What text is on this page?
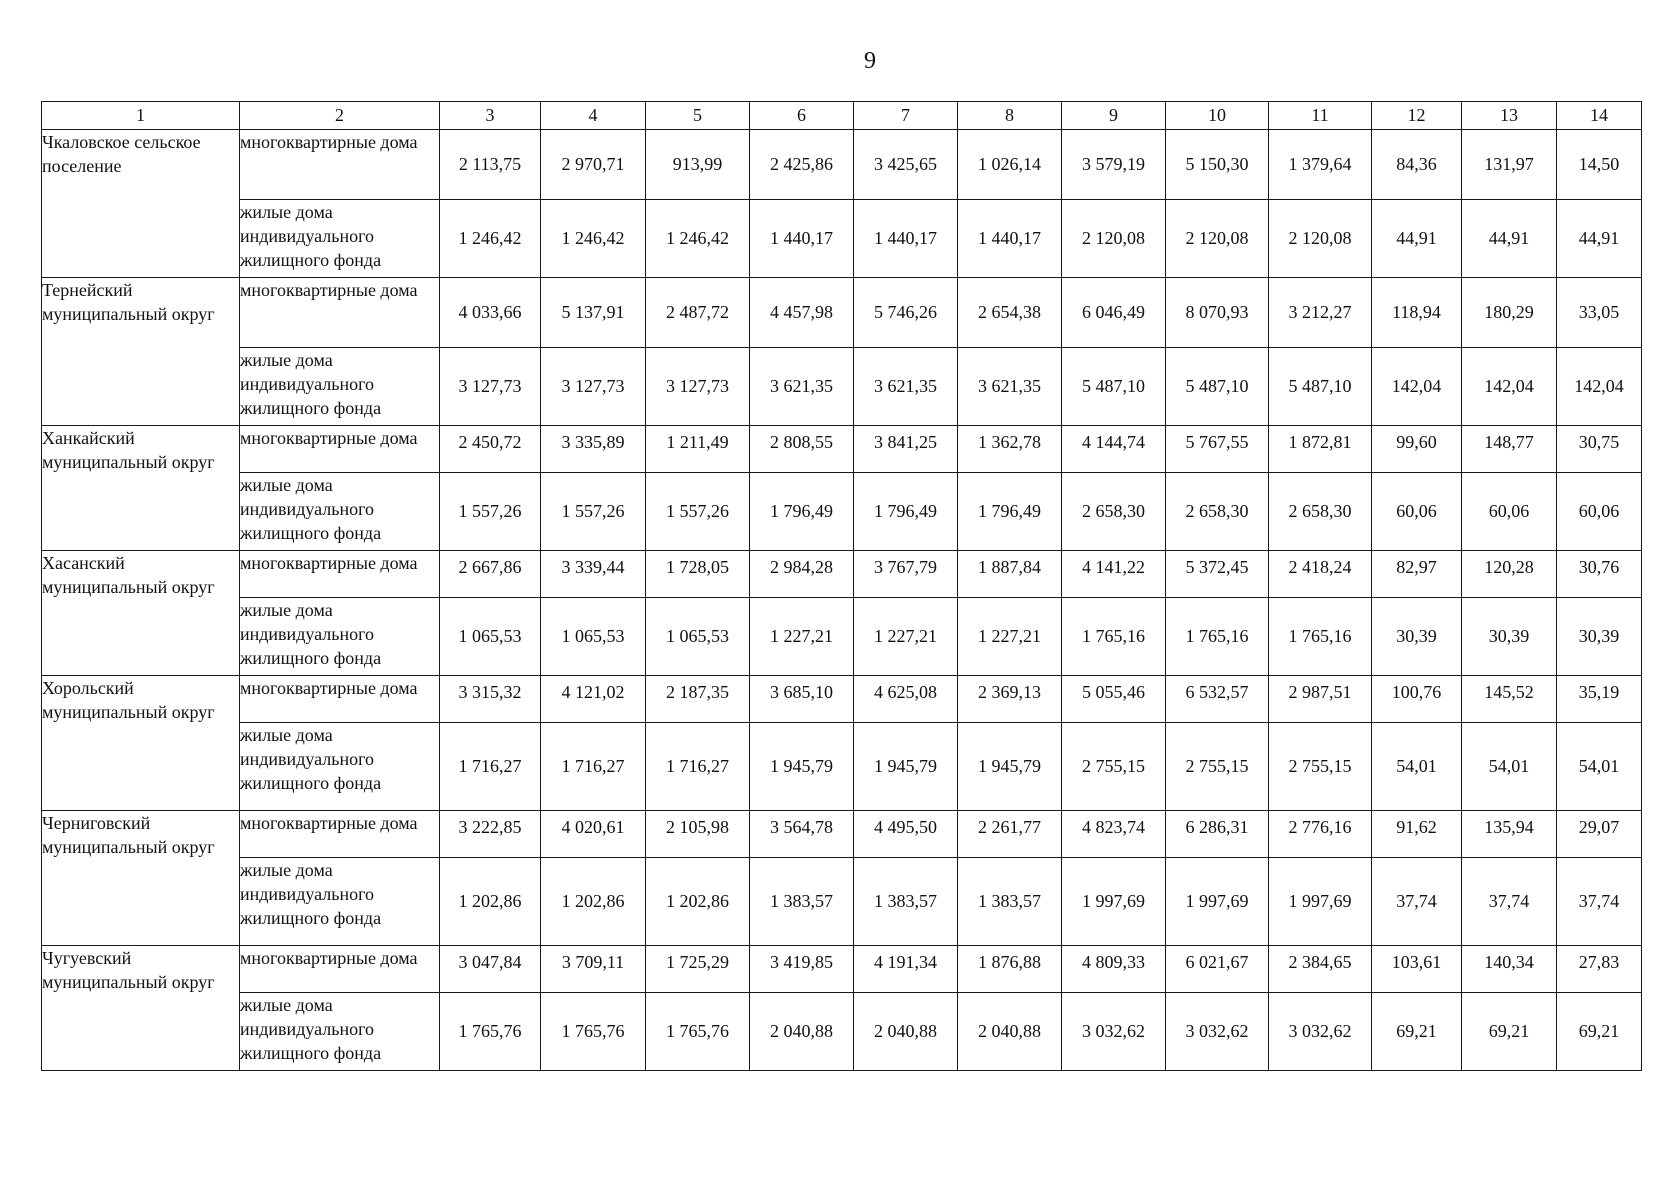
9
1	2	3	4	5	6	7	8	9	10	11	12	13	14
Чкаловское сельское поселение	многоквартирные дома	2 113,75	2 970,71	913,99	2 425,86	3 425,65	1 026,14	3 579,19	5 150,30	1 379,64	84,36	131,97	14,50
	жилые дома индивидуального жилищного фонда	1 246,42	1 246,42	1 246,42	1 440,17	1 440,17	1 440,17	2 120,08	2 120,08	2 120,08	44,91	44,91	44,91
Тернейский муниципальный округ	многоквартирные дома	4 033,66	5 137,91	2 487,72	4 457,98	5 746,26	2 654,38	6 046,49	8 070,93	3 212,27	118,94	180,29	33,05
	жилые дома индивидуального жилищного фонда	3 127,73	3 127,73	3 127,73	3 621,35	3 621,35	3 621,35	5 487,10	5 487,10	5 487,10	142,04	142,04	142,04
Ханкайский муниципальный округ	многоквартирные дома	2 450,72	3 335,89	1 211,49	2 808,55	3 841,25	1 362,78	4 144,74	5 767,55	1 872,81	99,60	148,77	30,75
	жилые дома индивидуального жилищного фонда	1 557,26	1 557,26	1 557,26	1 796,49	1 796,49	1 796,49	2 658,30	2 658,30	2 658,30	60,06	60,06	60,06
Хасанский муниципальный округ	многоквартирные дома	2 667,86	3 339,44	1 728,05	2 984,28	3 767,79	1 887,84	4 141,22	5 372,45	2 418,24	82,97	120,28	30,76
	жилые дома индивидуального жилищного фонда	1 065,53	1 065,53	1 065,53	1 227,21	1 227,21	1 227,21	1 765,16	1 765,16	1 765,16	30,39	30,39	30,39
Хорольский муниципальный округ	многоквартирные дома	3 315,32	4 121,02	2 187,35	3 685,10	4 625,08	2 369,13	5 055,46	6 532,57	2 987,51	100,76	145,52	35,19
	жилые дома индивидуального жилищного фонда	1 716,27	1 716,27	1 716,27	1 945,79	1 945,79	1 945,79	2 755,15	2 755,15	2 755,15	54,01	54,01	54,01
Черниговский муниципальный округ	многоквартирные дома	3 222,85	4 020,61	2 105,98	3 564,78	4 495,50	2 261,77	4 823,74	6 286,31	2 776,16	91,62	135,94	29,07
	жилые дома индивидуального жилищного фонда	1 202,86	1 202,86	1 202,86	1 383,57	1 383,57	1 383,57	1 997,69	1 997,69	1 997,69	37,74	37,74	37,74
Чугуевский муниципальный округ	многоквартирные дома	3 047,84	3 709,11	1 725,29	3 419,85	4 191,34	1 876,88	4 809,33	6 021,67	2 384,65	103,61	140,34	27,83
	жилые дома индивидуального жилищного фонда	1 765,76	1 765,76	1 765,76	2 040,88	2 040,88	2 040,88	3 032,62	3 032,62	3 032,62	69,21	69,21	69,21
